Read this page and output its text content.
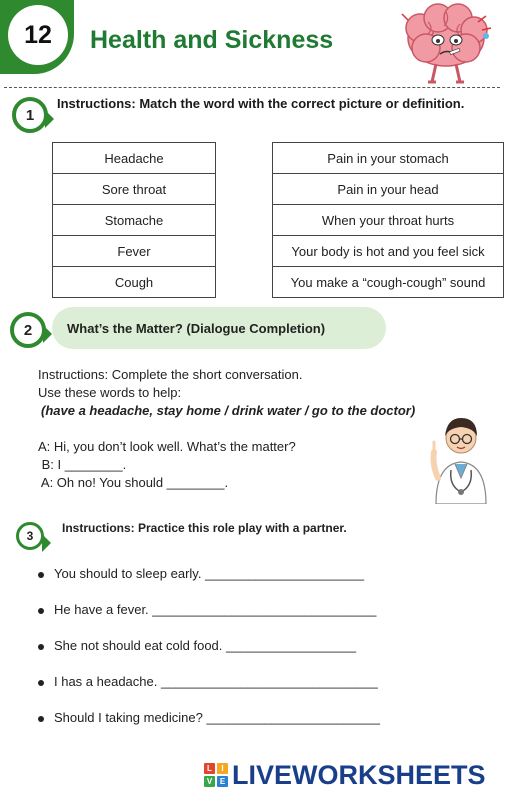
12	Health and Sickness
1
Instructions: Match the word with the correct picture or definition.
Headache
Sore throat
Stomache
Fever
Cough
Pain in your stomach
Pain in your head
When your throat hurts
Your body is hot and you feel sick
You make a “cough-cough” sound
What’s the Matter? (Dialogue Completion)
2
Instructions: Complete the short conversation.
Use these words to help:
(have a headache, stay home / drink water / go to the doctor)
A: Hi, you don’t look well. What’s the matter?
B: I ________.
A: Oh no! You should ________.
3
Instructions: Practice this role play with a partner.
You should to sleep early. ______________________
He have a fever. _______________________________
She not should eat cold food. __________________
I has a headache. ______________________________
Should I taking medicine? ________________________
L	I
V E LIVEWORKSHEETS
